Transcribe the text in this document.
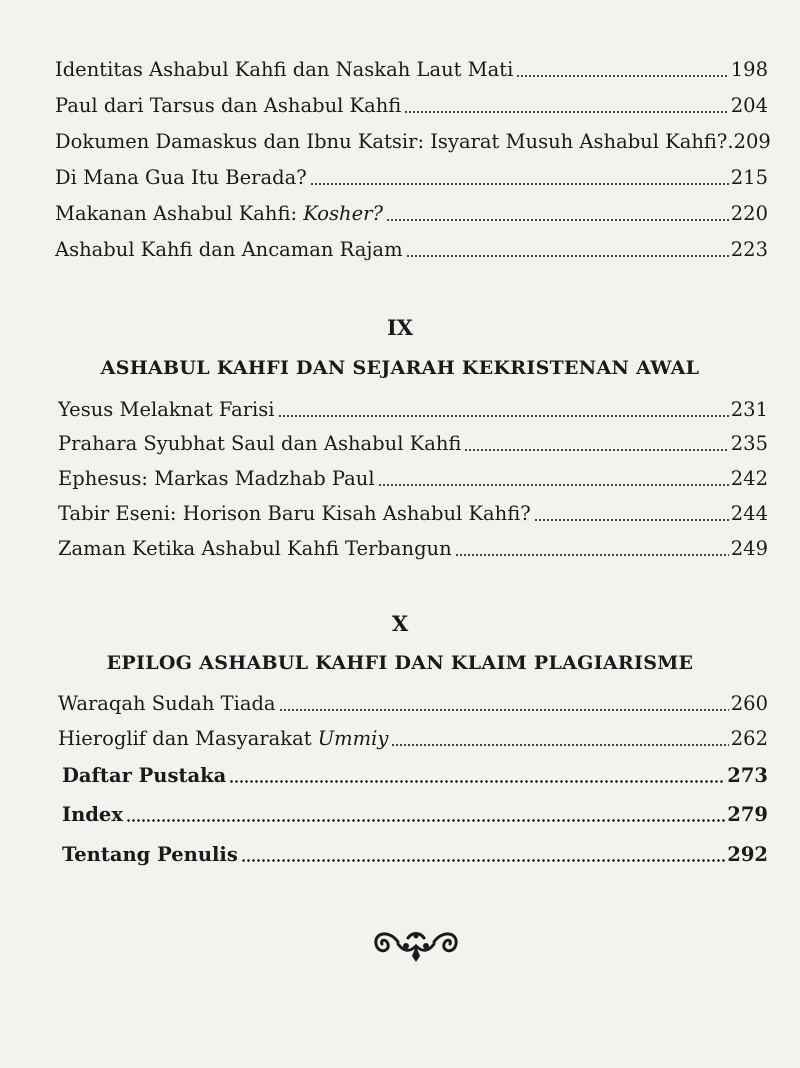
Identitas Ashabul Kahfi dan Naskah Laut Mati	198
Paul dari Tarsus dan Ashabul Kahfi	204
Dokumen Damaskus dan Ibnu Katsir: Isyarat Musuh Ashabul Kahfi? .209
Di Mana Gua Itu Berada?	215
Makanan Ashabul Kahfi: Kosher?	220
Ashabul Kahfi dan Ancaman Rajam	223
IX
ASHABUL KAHFI DAN SEJARAH KEKRISTENAN AWAL
Yesus Melaknat Farisi	231
Prahara Syubhat Saul dan Ashabul Kahfi	235
Ephesus: Markas Madzhab Paul	242
Tabir Eseni: Horison Baru Kisah Ashabul Kahfi?	244
Zaman Ketika Ashabul Kahfi Terbangun	249
X
EPILOG ASHABUL KAHFI DAN KLAIM PLAGIARISME
Waraqah Sudah Tiada	260
Hieroglif dan Masyarakat Ummiy	262
Daftar Pustaka	273
Index	279
Tentang Penulis	292
